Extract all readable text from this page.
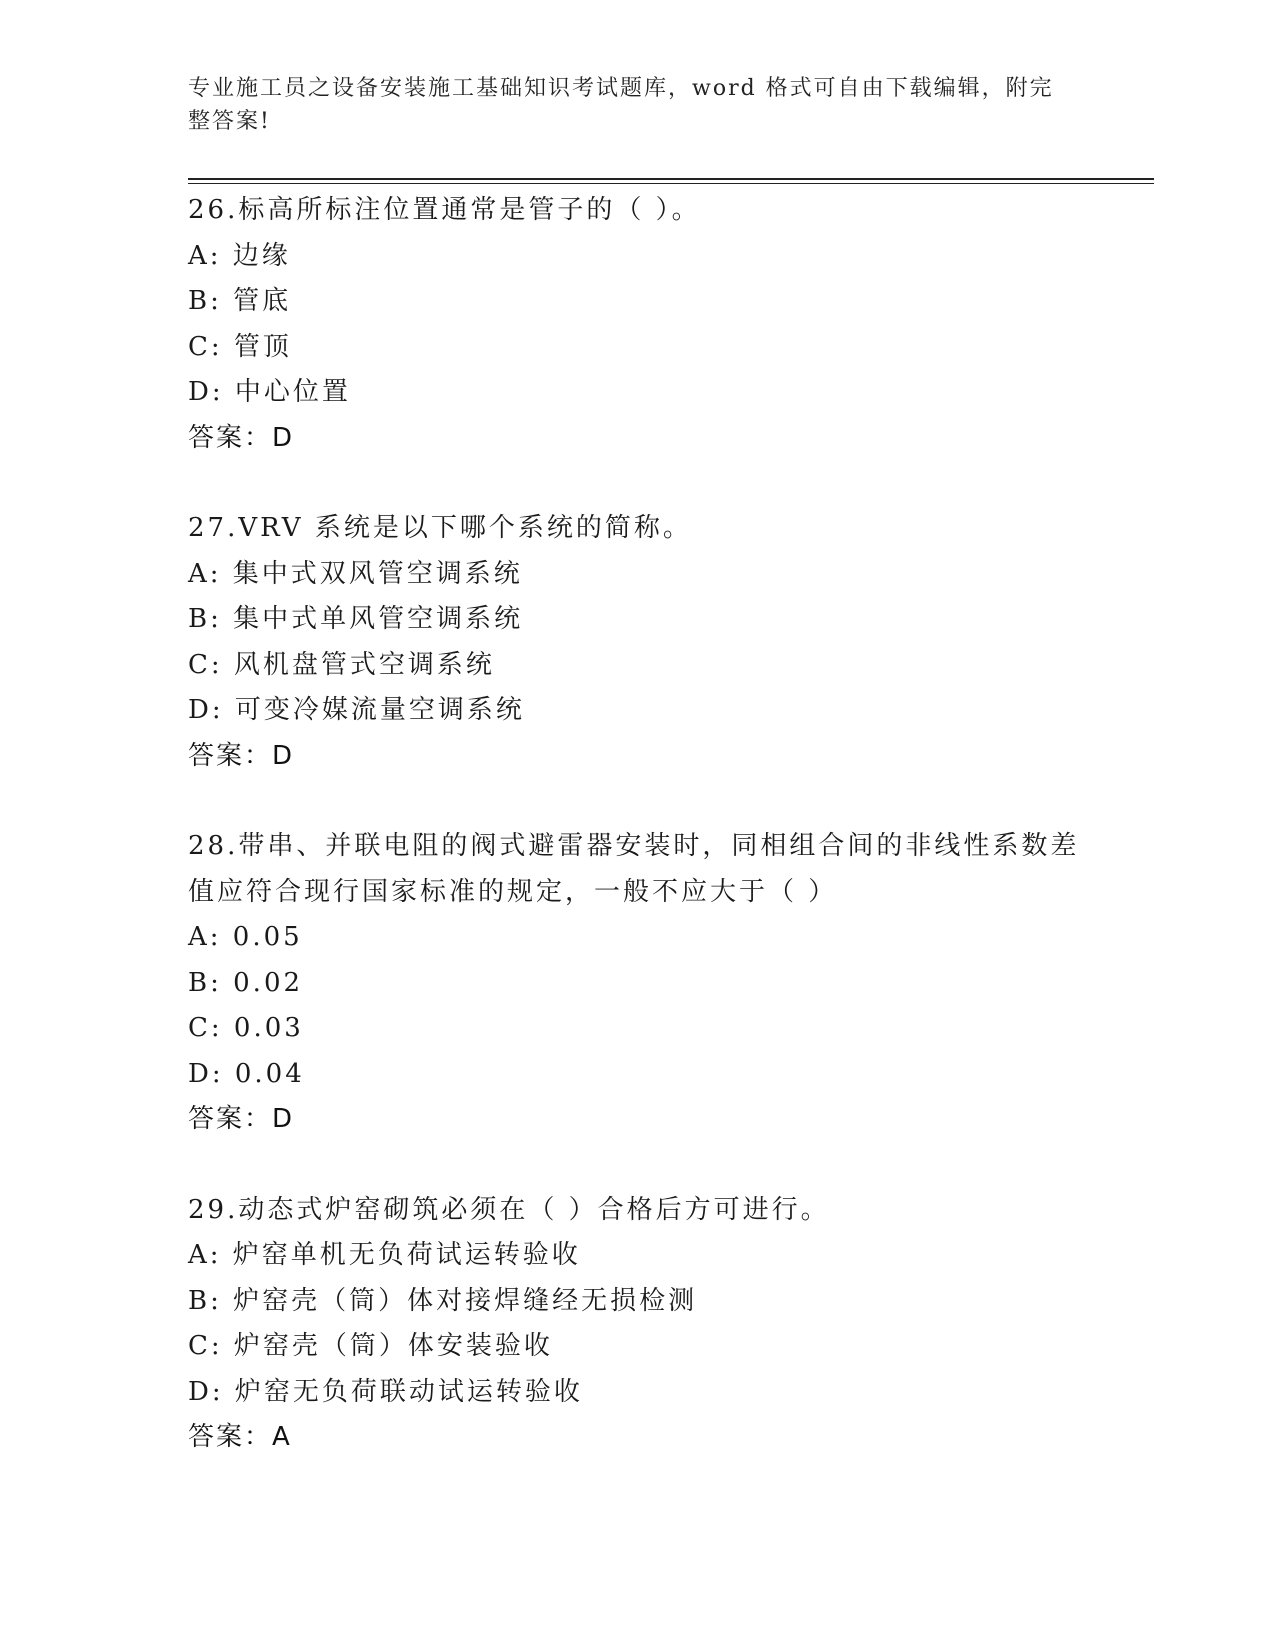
专业施工员之设备安装施工基础知识考试题库，word 格式可自由下载编辑，附完
整答案!
26.标高所标注位置通常是管子的（ ）。
A: 边缘
B: 管底
C: 管顶
D: 中心位置
答案：D
27.VRV 系统是以下哪个系统的简称。
A: 集中式双风管空调系统
B: 集中式单风管空调系统
C: 风机盘管式空调系统
D: 可变冷媒流量空调系统
答案：D
28.带串、并联电阻的阀式避雷器安装时，同相组合间的非线性系数差
值应符合现行国家标准的规定，一般不应大于（ ）
A: 0.05
B: 0.02
C: 0.03
D: 0.04
答案：D
29.动态式炉窑砌筑必须在（ ）合格后方可进行。
A: 炉窑单机无负荷试运转验收
B: 炉窑壳（筒）体对接焊缝经无损检测
C: 炉窑壳（筒）体安装验收
D: 炉窑无负荷联动试运转验收
答案：A
